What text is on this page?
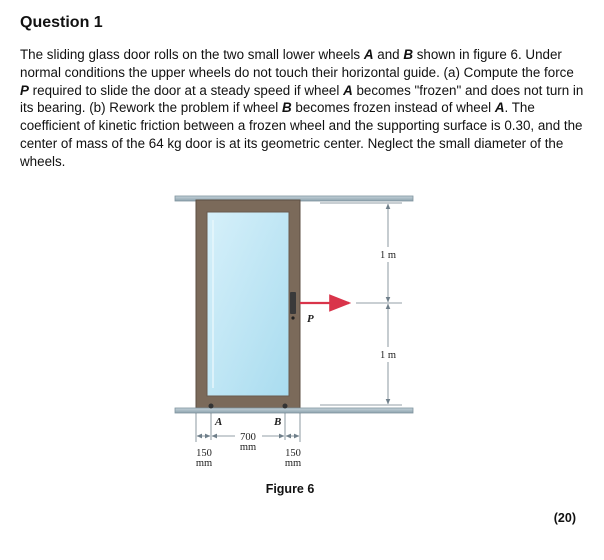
Question 1
The sliding glass door rolls on the two small lower wheels A and B shown in figure 6. Under normal conditions the upper wheels do not touch their horizontal guide. (a) Compute the force P required to slide the door at a steady speed if wheel A becomes "frozen" and does not turn in its bearing. (b) Rework the problem if wheel B becomes frozen instead of wheel A. The coefficient of kinetic friction between a frozen wheel and the supporting surface is 0.30, and the center of mass of the 64 kg door is at its geometric center. Neglect the small diameter of the wheels.
P
A	B
700
mm
150
mm
150
mm
1 m
1 m
Figure 6
(20)
